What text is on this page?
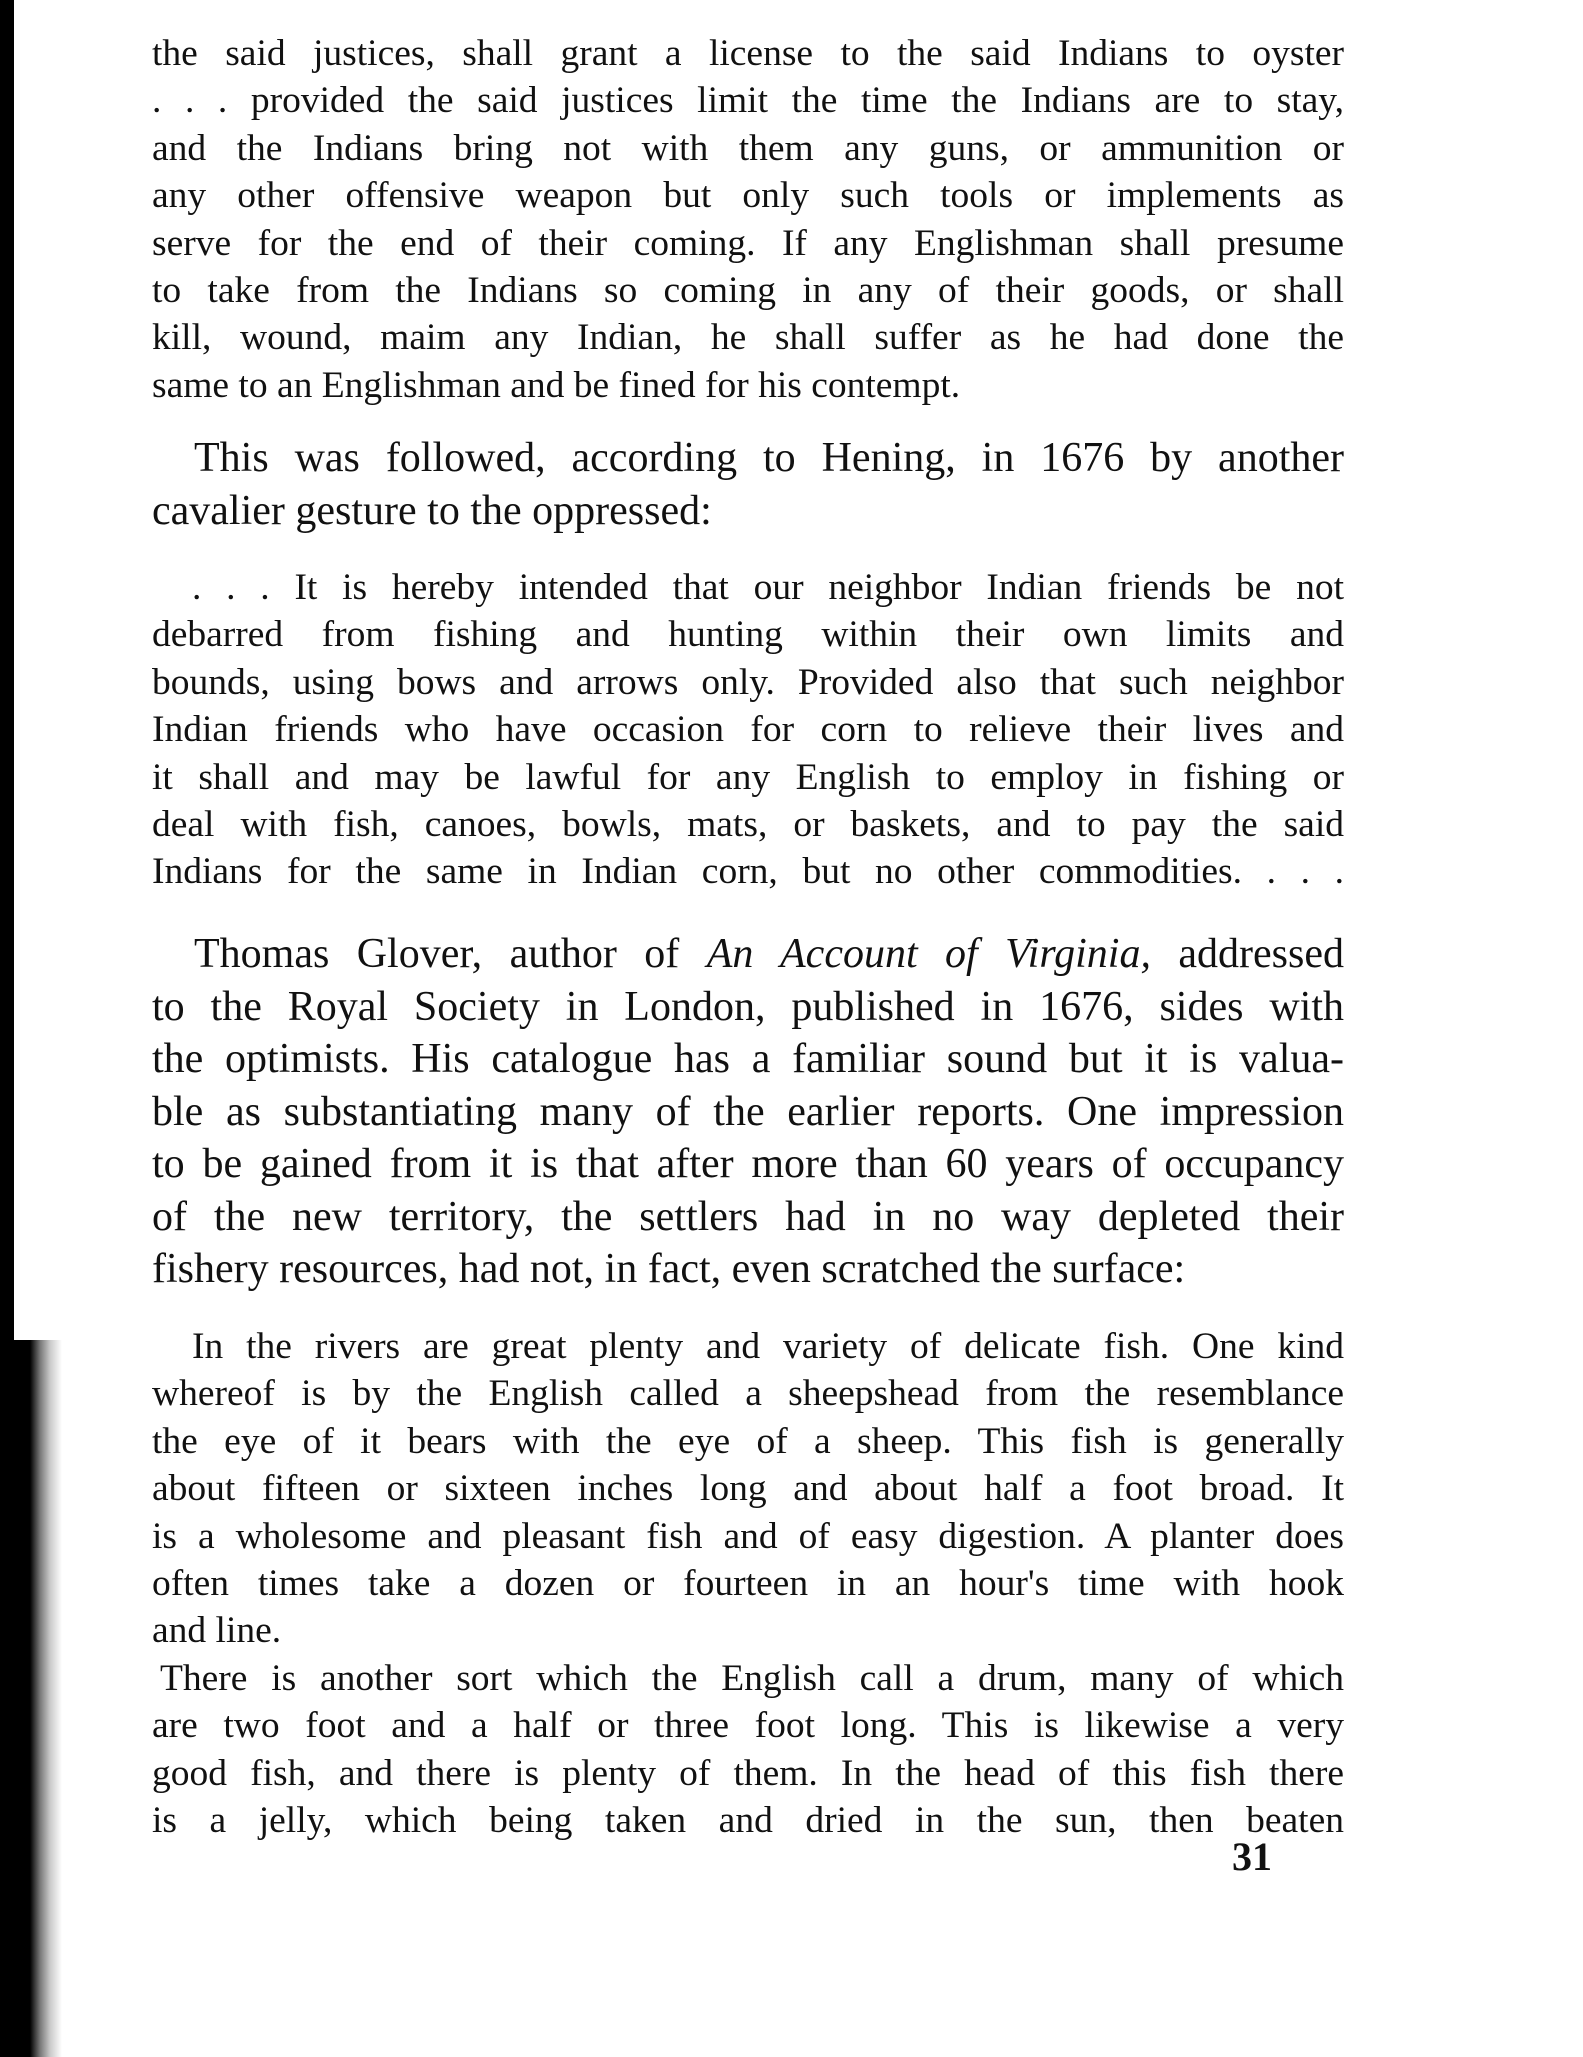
the said justices, shall grant a license to the said Indians to oyster
. . . provided the said justices limit the time the Indians are to stay,
and the Indians bring not with them any guns, or ammunition or
any other offensive weapon but only such tools or implements as
serve for the end of their coming. If any Englishman shall presume
to take from the Indians so coming in any of their goods, or shall
kill, wound, maim any Indian, he shall suffer as he had done the
same to an Englishman and be fined for his contempt.
This was followed, according to Hening, in 1676 by another
cavalier gesture to the oppressed:
. . . It is hereby intended that our neighbor Indian friends be not
debarred from fishing and hunting within their own limits and
bounds, using bows and arrows only. Provided also that such neighbor
Indian friends who have occasion for corn to relieve their lives and
it shall and may be lawful for any English to employ in fishing or
deal with fish, canoes, bowls, mats, or baskets, and to pay the said
Indians for the same in Indian corn, but no other commodities. . . .
Thomas Glover, author of An Account of Virginia, addressed
to the Royal Society in London, published in 1676, sides with
the optimists. His catalogue has a familiar sound but it is valua-
ble as substantiating many of the earlier reports. One impression
to be gained from it is that after more than 60 years of occupancy
of the new territory, the settlers had in no way depleted their
fishery resources, had not, in fact, even scratched the surface:
In the rivers are great plenty and variety of delicate fish. One kind
whereof is by the English called a sheepshead from the resemblance
the eye of it bears with the eye of a sheep. This fish is generally
about fifteen or sixteen inches long and about half a foot broad. It
is a wholesome and pleasant fish and of easy digestion. A planter does
often times take a dozen or fourteen in an hour's time with hook
and line.
There is another sort which the English call a drum, many of which
are two foot and a half or three foot long. This is likewise a very
good fish, and there is plenty of them. In the head of this fish there
is a jelly, which being taken and dried in the sun, then beaten
31
